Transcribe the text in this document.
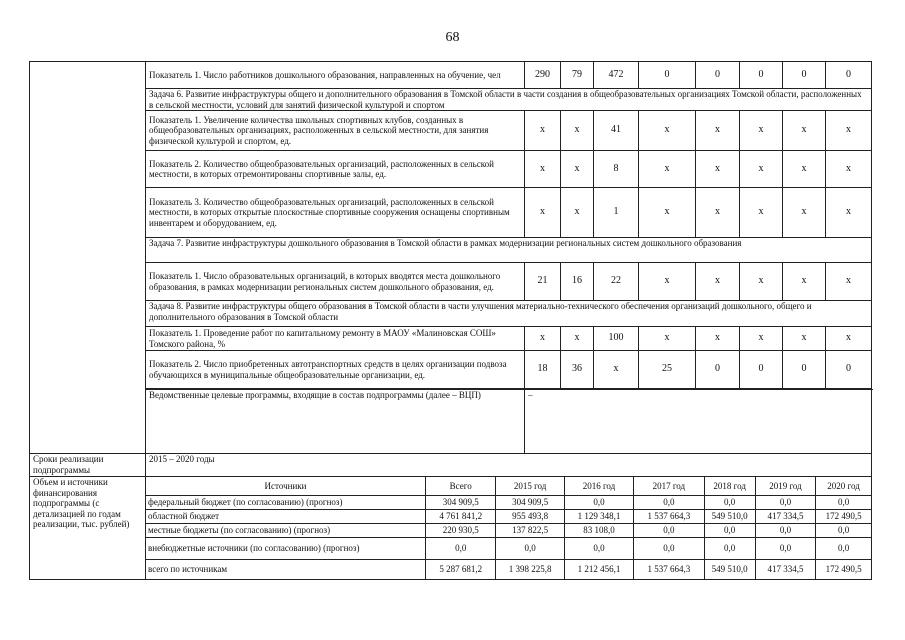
68
	Показатель 1. Число работников дошкольного образования, направленных на обучение, чел	290	79	472	0	0	0	0	0
Задача 6. Развитие инфраструктуры общего и дополнительного образования в Томской области в части создания в общеобразовательных организациях Томской области, расположенных в сельской местности, условий для занятий физической культурой и спортом
Показатель 1. Увеличение количества школьных спортивных клубов, созданных в общеобразовательных организациях, расположенных в сельской местности, для занятия физической культурой и спортом, ед.	x	x	41	x	x	x	x	x
Показатель 2. Количество общеобразовательных организаций, расположенных в сельской местности, в которых отремонтированы спортивные залы, ед.	x	x	8	x	x	x	x	x
Показатель 3. Количество общеобразовательных организаций, расположенных в сельской местности, в которых открытые плоскостные спортивные сооружения оснащены спортивным инвентарем и оборудованием, ед.	x	x	1	x	x	x	x	x
Задача 7. Развитие инфраструктуры дошкольного образования в Томской области в рамках модернизации региональных систем дошкольного образования
Показатель 1. Число образовательных организаций, в которых вводятся места дошкольного образования, в рамках модернизации региональных систем дошкольного образования, ед.	21	16	22	x	x	x	x	x
Задача 8. Развитие инфраструктуры общего образования в Томской области в части улучшения материально-технического обеспечения организаций дошкольного, общего и дополнительного образования в Томской области
Показатель 1. Проведение работ по капитальному ремонту в МАОУ «Малиновская СОШ» Томского района, %	x	x	100	x	x	x	x	x
Показатель 2. Число приобретенных автотранспортных средств в целях организации подвоза обучающихся в муниципальные общеобразовательные организации, ед.	18	36	x	25	0	0	0	0

Ведомственные целевые программы, входящие в состав подпрограммы (далее – ВЦП)	–
Сроки реализации подпрограммы	2015 – 2020 годы
Объем и источники финансирования подпрограммы (с детализацией по годам реализации, тыс. рублей)	
Источники	Всего	2015 год	2016 год	2017 год	2018 год	2019 год	2020 год
федеральный бюджет (по согласованию) (прогноз)	304 909,5	304 909,5	0,0	0,0	0,0	0,0	0,0
областной бюджет	4 761 841,2	955 493,8	1 129 348,1	1 537 664,3	549 510,0	417 334,5	172 490,5
местные бюджеты (по согласованию) (прогноз)	220 930,5	137 822,5	83 108,0	0,0	0,0	0,0	0,0
внебюджетные источники (по согласованию) (прогноз)	0,0	0,0	0,0	0,0	0,0	0,0	0,0
всего по источникам	5 287 681,2	1 398 225,8	1 212 456,1	1 537 664,3	549 510,0	417 334,5	172 490,5
